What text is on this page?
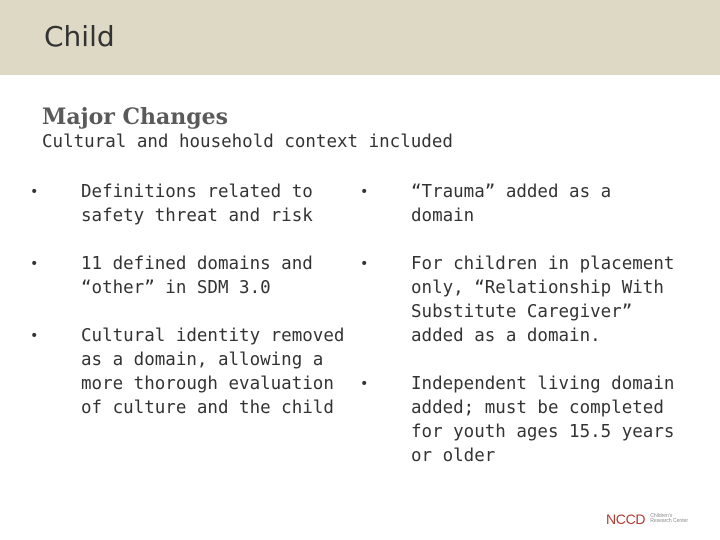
Child
Major Changes
Cultural and household context included
• Definitions related to safety threat and risk
• 11 defined domains and “other” in SDM 3.0
• Cultural identity removed as a domain, allowing a more thorough evaluation of culture and the child
• “Trauma” added as a domain
• For children in placement only, “Relationship With Substitute Caregiver” added as a domain.
• Independent living domain added; must be completed for youth ages 15.5 years or older
NCCD Children's
Research Center
